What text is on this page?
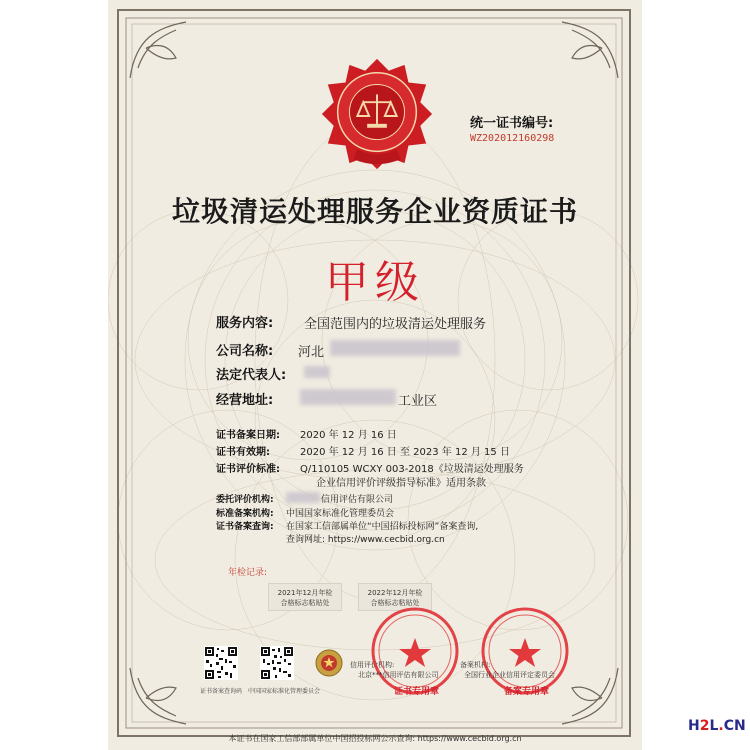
统一证书编号:
WZ202012160298
垃圾清运处理服务企业资质证书
甲级
服务内容: 全国范围内的垃圾清运处理服务
公司名称: 河北
法定代表人:
经营地址:	工业区
证书备案日期: 2020 年 12 月 16 日
证书有效期:	2020 年 12 月 16 日 至 2023 年 12 月 15 日
证书评价标准: Q/110105 WCXY 003-2018《垃圾清运处理服务
企业信用评价评级指导标准》适用条款
委托评价机构:	信用评估有限公司
标准备案机构: 中国国家标准化管理委员会
证书备案查询: 在国家工信部属单位“中国招标投标网”备案查询,
查询网址: https://www.cecbid.org.cn
年检记录:
2021年12月年检
合格标志粘贴处
2022年12月年检
合格标志粘贴处
证书备案查询码 中国国家标准化管理委员会
信用评价机构:
北京***信用评估有限公司
证书专用章
备案机构:
全国行业企业信用评定委员会
备案专用章
本证书在国家工信部部属单位中国招投标网公示查询: https://www.cecbid.org.cn
H2L.CN
